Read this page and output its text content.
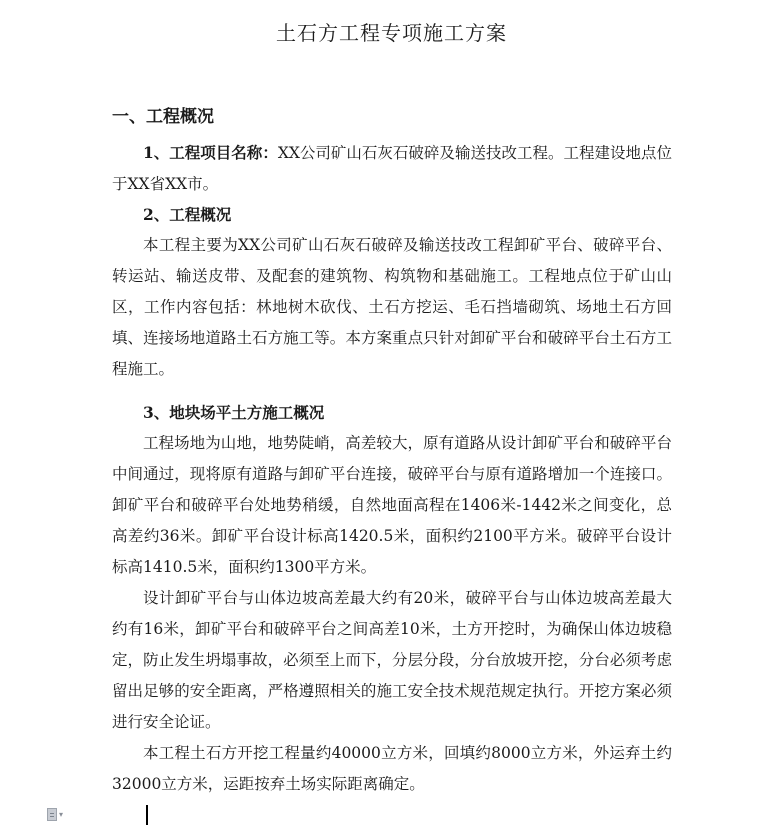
土石方工程专项施工方案
一、工程概况

1、工程项目名称：XX公司矿山石灰石破碎及输送技改工程。工程建设地点位于XX省XX市。

2、工程概况

本工程主要为XX公司矿山石灰石破碎及输送技改工程卸矿平台、破碎平台、转运站、输送皮带、及配套的建筑物、构筑物和基础施工。工程地点位于矿山山区，工作内容包括：林地树木砍伐、土石方挖运、毛石挡墙砌筑、场地土石方回填、连接场地道路土石方施工等。本方案重点只针对卸矿平台和破碎平台土石方工程施工。

3、地块场平土方施工概况

工程场地为山地，地势陡峭，高差较大，原有道路从设计卸矿平台和破碎平台中间通过，现将原有道路与卸矿平台连接，破碎平台与原有道路增加一个连接口。卸矿平台和破碎平台处地势稍缓，自然地面高程在1406米-1442米之间变化，总高差约36米。卸矿平台设计标高1420.5米，面积约2100平方米。破碎平台设计标高1410.5米，面积约1300平方米。

设计卸矿平台与山体边坡高差最大约有20米，破碎平台与山体边坡高差最大约有16米，卸矿平台和破碎平台之间高差10米，土方开挖时，为确保山体边坡稳定，防止发生坍塌事故，必须至上而下，分层分段，分台放坡开挖，分台必须考虑留出足够的安全距离，严格遵照相关的施工安全技术规范规定执行。开挖方案必须进行安全论证。

本工程土石方开挖工程量约40000立方米，回填约8000立方米，外运弃土约32000立方米，运距按弃土场实际距离确定。

▾
